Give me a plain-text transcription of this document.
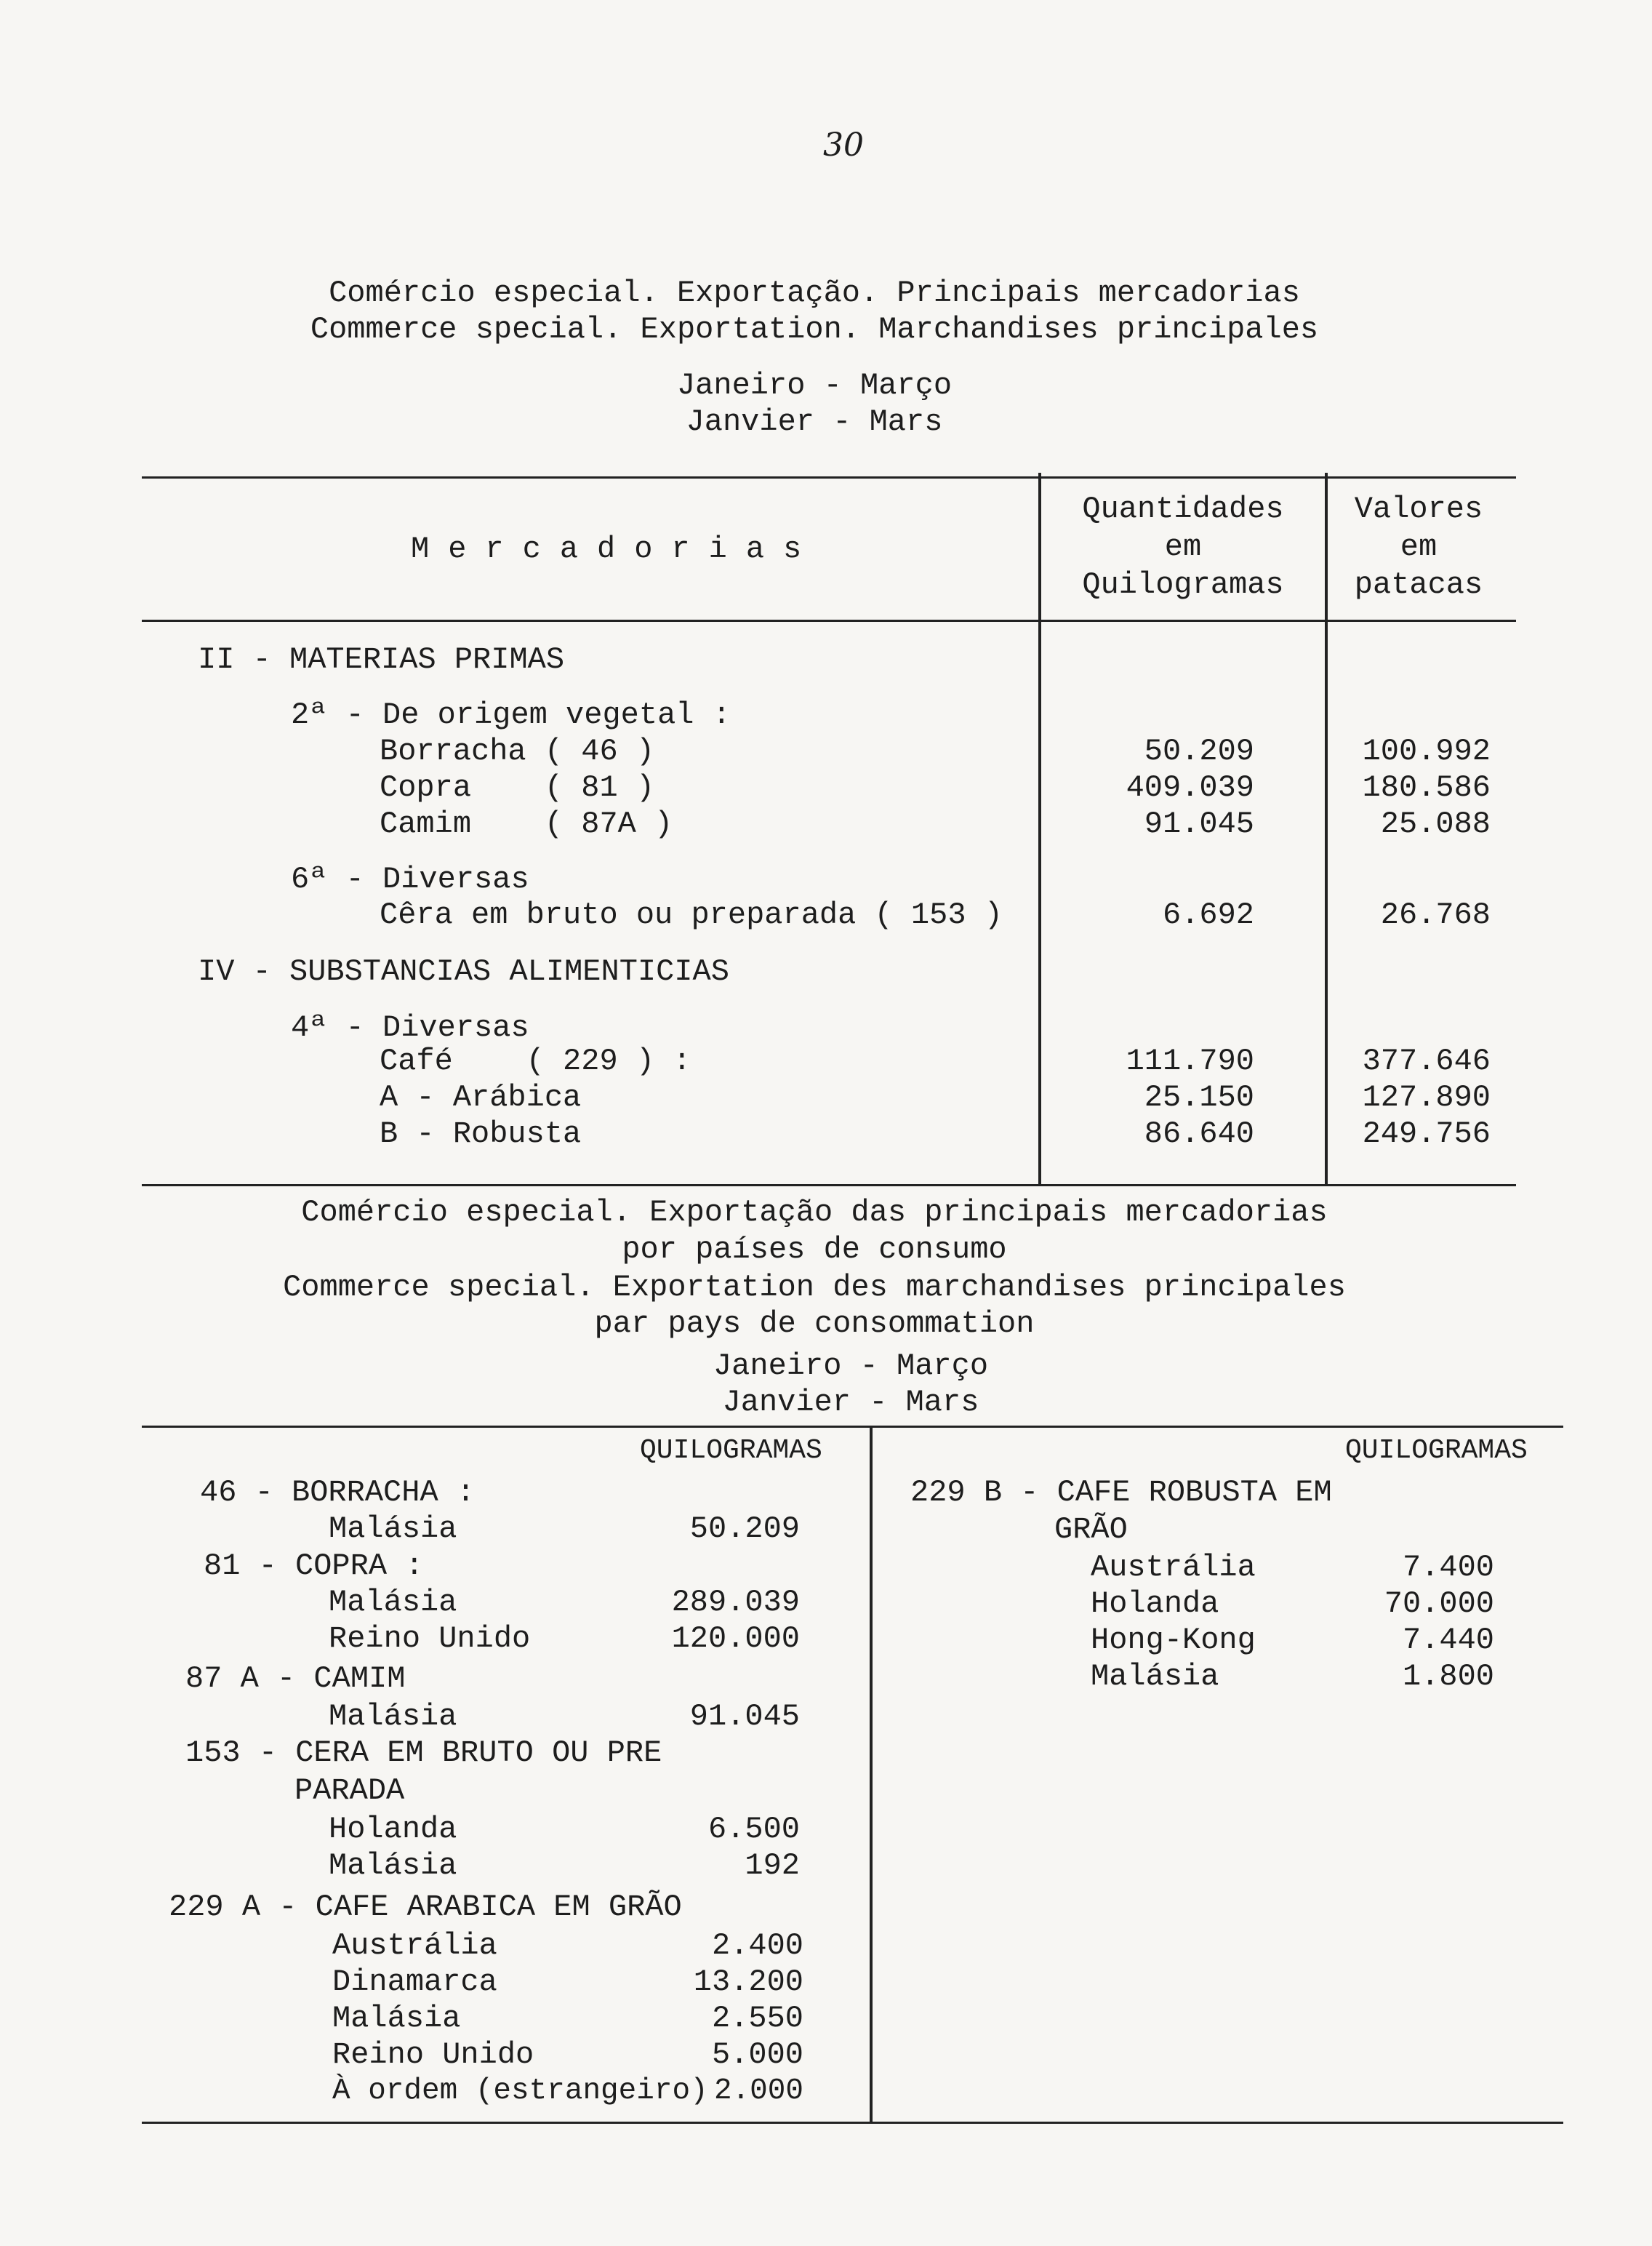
30
Comércio especial. Exportação. Principais mercadorias
Commerce special. Exportation. Marchandises principales
Janeiro - Março
Janvier - Mars
Mercadorias
Quantidades
em
Quilogramas
Valores
em
patacas
II - MATERIAS PRIMAS
2ª - De origem vegetal :
Borracha ( 46 )	50.209	100.992
Copra    ( 81 )	409.039	180.586
Camim    ( 87A )	91.045	25.088
6ª - Diversas
Cêra em bruto ou preparada ( 153 )	6.692	26.768
IV - SUBSTANCIAS ALIMENTICIAS
4ª - Diversas
Café    ( 229 ) :	111.790	377.646
A - Arábica	25.150	127.890
B - Robusta	86.640	249.756
Comércio especial. Exportação das principais mercadorias
por países de consumo
Commerce special. Exportation des marchandises principales
par pays de consommation
Janeiro - Março
Janvier - Mars
QUILOGRAMAS	QUILOGRAMAS
46 - BORRACHA :
Malásia	50.209
81 - COPRA :
Malásia	289.039
Reino Unido	120.000
87 A - CAMIM
Malásia	91.045
153 - CERA EM BRUTO OU PRE
PARADA
Holanda	6.500
Malásia	192
229 A - CAFE ARABICA EM GRÃO
Austrália	2.400
Dinamarca	13.200
Malásia	2.550
Reino Unido	5.000
À ordem (estrangeiro) 2.000
229 B - CAFE ROBUSTA EM
GRÃO
Austrália	7.400
Holanda	70.000
Hong-Kong	7.440
Malásia	1.800
